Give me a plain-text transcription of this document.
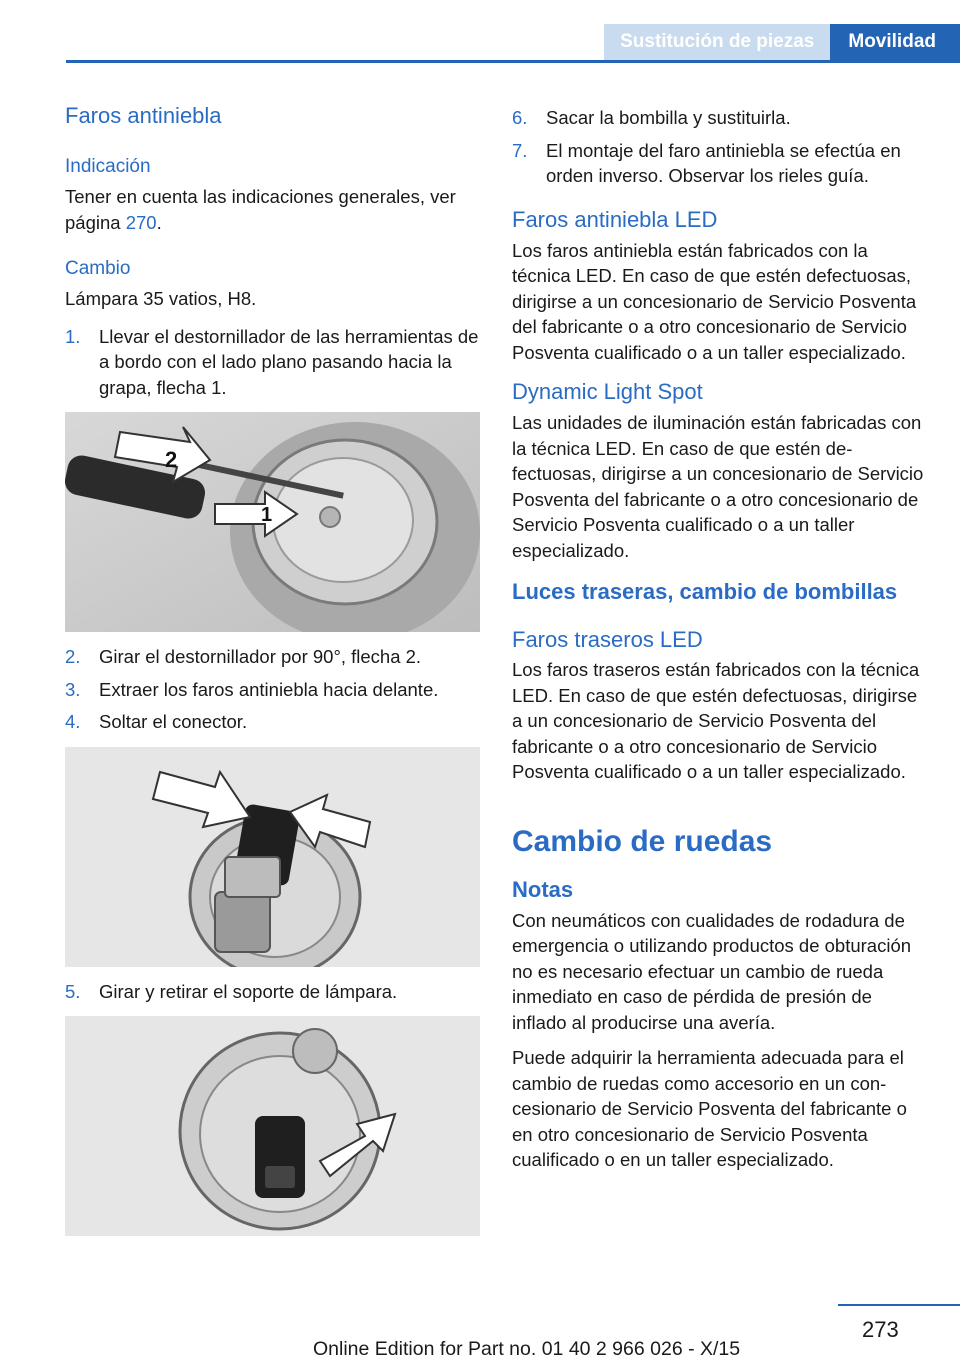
Sustitución de piezas	Movilidad
Faros antiniebla
Indicación

Tener en cuenta las indicaciones generales, ver página 270.

Cambio

Lámpara 35 vatios, H8.

1. Llevar el destornillador de las herramientas de a bordo con el lado plano pasando hacia la grapa, flecha 1.
2
1
2. Girar el destornillador por 90°, flecha 2.
3. Extraer los faros antiniebla hacia delante.
4. Soltar el conector.
5. Girar y retirar el soporte de lámpara.
6. Sacar la bombilla y sustituirla.
7. El montaje del faro antiniebla se efectúa en orden inverso. Observar los rieles guía.
Faros antiniebla LED

Los faros antiniebla están fabricados con la técnica LED. En caso de que estén defectuosas, dirigirse a un concesionario de Servicio Posventa del fabricante o a otro concesionario de Servicio Posventa cualificado o a un taller especializado.

Dynamic Light Spot

Las unidades de iluminación están fabricadas con la técnica LED. En caso de que estén defectuosas, dirigirse a un concesionario de Servicio Posventa del fabricante o a otro concesionario de Servicio Posventa cualificado o a un taller especializado.

Luces traseras, cambio de bombillas
Faros traseros LED

Los faros traseros están fabricados con la técnica LED. En caso de que estén defectuosas, dirigirse a un concesionario de Servicio Posventa del fabricante o a otro concesionario de Servicio Posventa cualificado o a un taller especializado.

Cambio de ruedas
Notas

Con neumáticos con cualidades de rodadura de emergencia o utilizando productos de obturación no es necesario efectuar un cambio de rueda inmediato en caso de pérdida de presión de inflado al producirse una avería.

Puede adquirir la herramienta adecuada para el cambio de ruedas como accesorio en un concesionario de Servicio Posventa del fabricante o en otro concesionario de Servicio Posventa cualificado o en un taller especializado.

273
Online Edition for Part no. 01 40 2 966 026 - X/15
